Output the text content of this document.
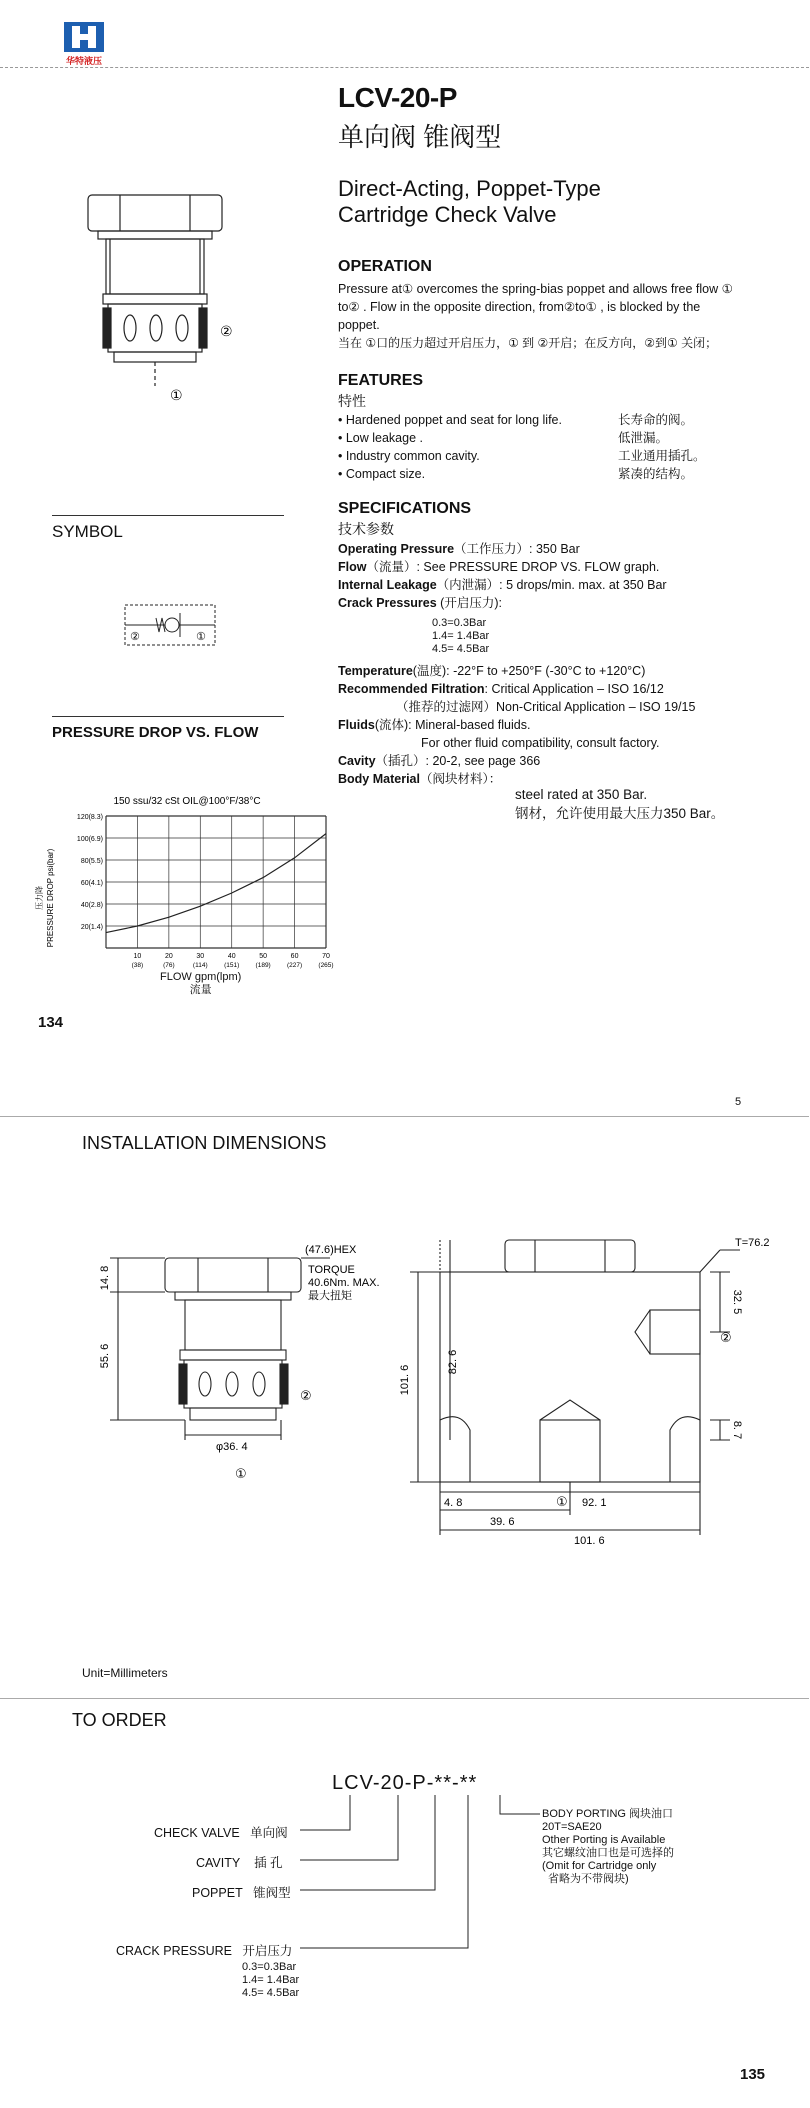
华特液压
LCV-20-P
单向阀 锥阀型
Direct-Acting, Poppet-Type
Cartridge Check Valve
②
①
OPERATION
Pressure at① overcomes the spring-bias poppet and allows free flow ①
to② . Flow in the opposite direction, from②to① , is blocked by the
poppet.
当在 ①口的压力超过开启压力，① 到 ②开启；在反方向，②到① 关闭；
FEATURES
特性
• Hardened poppet and seat for long life.	长寿命的阀。
• Low leakage .	低泄漏。
• Industry common cavity.	工业通用插孔。
• Compact size.	紧凑的结构。
SPECIFICATIONS
技术参数
Operating Pressure（工作压力）: 350 Bar
Flow（流量）: See PRESSURE DROP VS. FLOW graph.
Internal Leakage（内泄漏）: 5 drops/min. max. at 350 Bar
Crack Pressures (开启压力):
0.3=0.3Bar
1.4= 1.4Bar
4.5= 4.5Bar
Temperature(温度): -22°F to +250°F (-30°C to +120°C)
Recommended Filtration: Critical Application – ISO 16/12
（推荐的过滤网）Non-Critical Application – ISO 19/15
Fluids(流体): Mineral-based fluids.
For other fluid compatibility, consult factory.
Cavity（插孔）: 20-2, see page 366
Body Material（阀块材料）：
steel rated at 350 Bar.
钢材，允许使用最大压力350 Bar。
SYMBOL
②	①
PRESSURE DROP VS. FLOW
150 ssu/32 cSt OIL@100°F/38°C
20(1.4)
40(2.8)
60(4.1)
80(5.5)
100(6.9)
120(8.3)
10
(38)
20
(76)
30
(114)
40
(151)
50
(189)
60
(227)
70
(265)
压力降 PRESSURE DROP psi(bar)
FLOW gpm(lpm)
流量
134
5
INSTALLATION DIMENSIONS
14. 8
55. 6
φ36. 4
①
②
(47.6)HEX
TORQUE
40.6Nm. MAX.
最大扭矩
T=76.2
32. 5
82. 6
101. 6
8. 7
②
4. 8	① 92. 1
39. 6
101. 6
Unit=Millimeters
TO ORDER
LCV-20-P-**-**
CHECK VALVE 单向阀
CAVITY 插 孔
POPPET 锥阀型
CRACK PRESSURE 开启压力
0.3=0.3Bar
1.4= 1.4Bar
4.5= 4.5Bar
BODY PORTING 阀块油口
20T=SAE20
Other Porting is Available
其它螺纹油口也是可选择的
(Omit for Cartridge only
省略为不带阀块)
135
